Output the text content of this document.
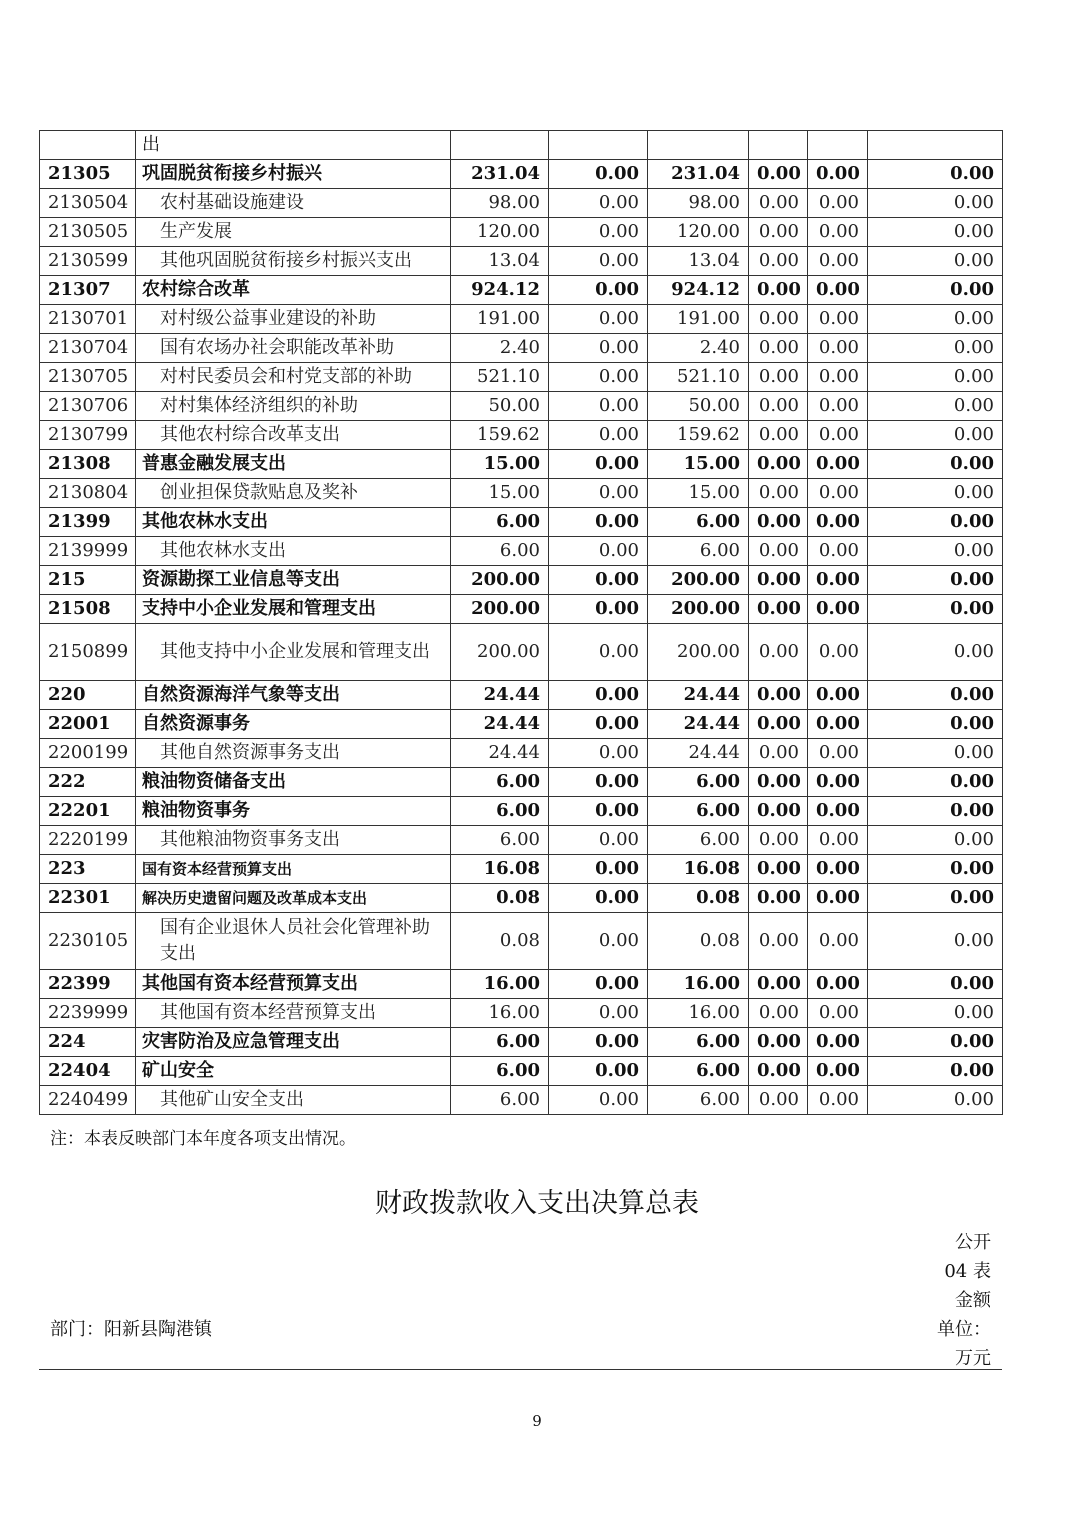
	出						
21305	巩固脱贫衔接乡村振兴	231.04	0.00	231.04	0.00	0.00	0.00
2130504	农村基础设施建设	98.00	0.00	98.00	0.00	0.00	0.00
2130505	生产发展	120.00	0.00	120.00	0.00	0.00	0.00
2130599	其他巩固脱贫衔接乡村振兴支出	13.04	0.00	13.04	0.00	0.00	0.00
21307	农村综合改革	924.12	0.00	924.12	0.00	0.00	0.00
2130701	对村级公益事业建设的补助	191.00	0.00	191.00	0.00	0.00	0.00
2130704	国有农场办社会职能改革补助	2.40	0.00	2.40	0.00	0.00	0.00
2130705	对村民委员会和村党支部的补助	521.10	0.00	521.10	0.00	0.00	0.00
2130706	对村集体经济组织的补助	50.00	0.00	50.00	0.00	0.00	0.00
2130799	其他农村综合改革支出	159.62	0.00	159.62	0.00	0.00	0.00
21308	普惠金融发展支出	15.00	0.00	15.00	0.00	0.00	0.00
2130804	创业担保贷款贴息及奖补	15.00	0.00	15.00	0.00	0.00	0.00
21399	其他农林水支出	6.00	0.00	6.00	0.00	0.00	0.00
2139999	其他农林水支出	6.00	0.00	6.00	0.00	0.00	0.00
215	资源勘探工业信息等支出	200.00	0.00	200.00	0.00	0.00	0.00
21508	支持中小企业发展和管理支出	200.00	0.00	200.00	0.00	0.00	0.00
2150899	其他支持中小企业发展和管理支出	200.00	0.00	200.00	0.00	0.00	0.00
220	自然资源海洋气象等支出	24.44	0.00	24.44	0.00	0.00	0.00
22001	自然资源事务	24.44	0.00	24.44	0.00	0.00	0.00
2200199	其他自然资源事务支出	24.44	0.00	24.44	0.00	0.00	0.00
222	粮油物资储备支出	6.00	0.00	6.00	0.00	0.00	0.00
22201	粮油物资事务	6.00	0.00	6.00	0.00	0.00	0.00
2220199	其他粮油物资事务支出	6.00	0.00	6.00	0.00	0.00	0.00
223	国有资本经营预算支出	16.08	0.00	16.08	0.00	0.00	0.00
22301	解决历史遗留问题及改革成本支出	0.08	0.00	0.08	0.00	0.00	0.00
2230105	国有企业退休人员社会化管理补助支出	0.08	0.00	0.08	0.00	0.00	0.00
22399	其他国有资本经营预算支出	16.00	0.00	16.00	0.00	0.00	0.00
2239999	其他国有资本经营预算支出	16.00	0.00	16.00	0.00	0.00	0.00
224	灾害防治及应急管理支出	6.00	0.00	6.00	0.00	0.00	0.00
22404	矿山安全	6.00	0.00	6.00	0.00	0.00	0.00
2240499	其他矿山安全支出	6.00	0.00	6.00	0.00	0.00	0.00
注：本表反映部门本年度各项支出情况。
财政拨款收入支出决算总表
公开
04 表
金额
单位：
万元
部门：阳新县陶港镇
9
